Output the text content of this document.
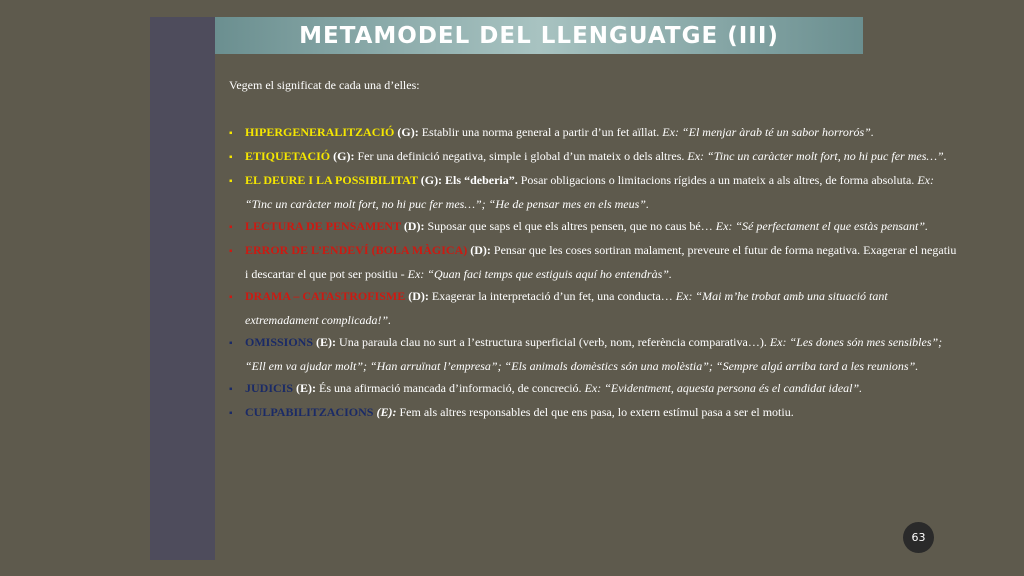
METAMODEL DEL LLENGUATGE (III)

Vegem el significat de cada una d’elles:

▪ HIPERGENERALITZACIÓ (G): Establir una norma general a partir d’un fet aïllat. Ex: “El menjar àrab té un sabor horrorós”.

▪ ETIQUETACIÓ (G): Fer una definició negativa, simple i global d’un mateix o dels altres. Ex: “Tinc un caràcter molt fort, no hi puc fer mes…”.

▪ EL DEURE I LA POSSIBILITAT (G): Els “deberia”. Posar obligacions o limitacions rígides a un mateix a als altres, de forma absoluta. Ex: “Tinc un caràcter molt fort, no hi puc fer mes…”; “He de pensar mes en els meus”.

▪ LECTURA DE PENSAMENT (D): Suposar que saps el que els altres pensen, que no caus bé… Ex: “Sé perfectament el que estàs pensant”.

▪ ERROR DE L’ENDEVÍ (BOLA MÀGICA) (D): Pensar que les coses sortiran malament, preveure el futur de forma negativa. Exagerar el negatiu i descartar el que pot ser positiu - Ex: “Quan faci temps que estiguis aquí ho entendràs”.

▪ DRAMA – CATASTROFISME (D): Exagerar la interpretació d’un fet, una conducta… Ex: “Mai m’he trobat amb una situació tant extremadament complicada!”.

▪ OMISSIONS (E): Una paraula clau no surt a l’estructura superficial (verb, nom, referència comparativa…). Ex: “Les dones són mes sensibles”; “Ell em va ajudar molt”; “Han arruïnat l’empresa”; “Els animals domèstics són una molèstia”; “Sempre algú arriba tard a les reunions”.

▪ JUDICIS (E): És una afirmació mancada d’informació, de concreció. Ex: “Evidentment, aquesta persona és el candidat ideal”.

▪ CULPABILITZACIONS (E): Fem als altres responsables del que ens pasa, lo extern estímul pasa a ser el motiu.

63
